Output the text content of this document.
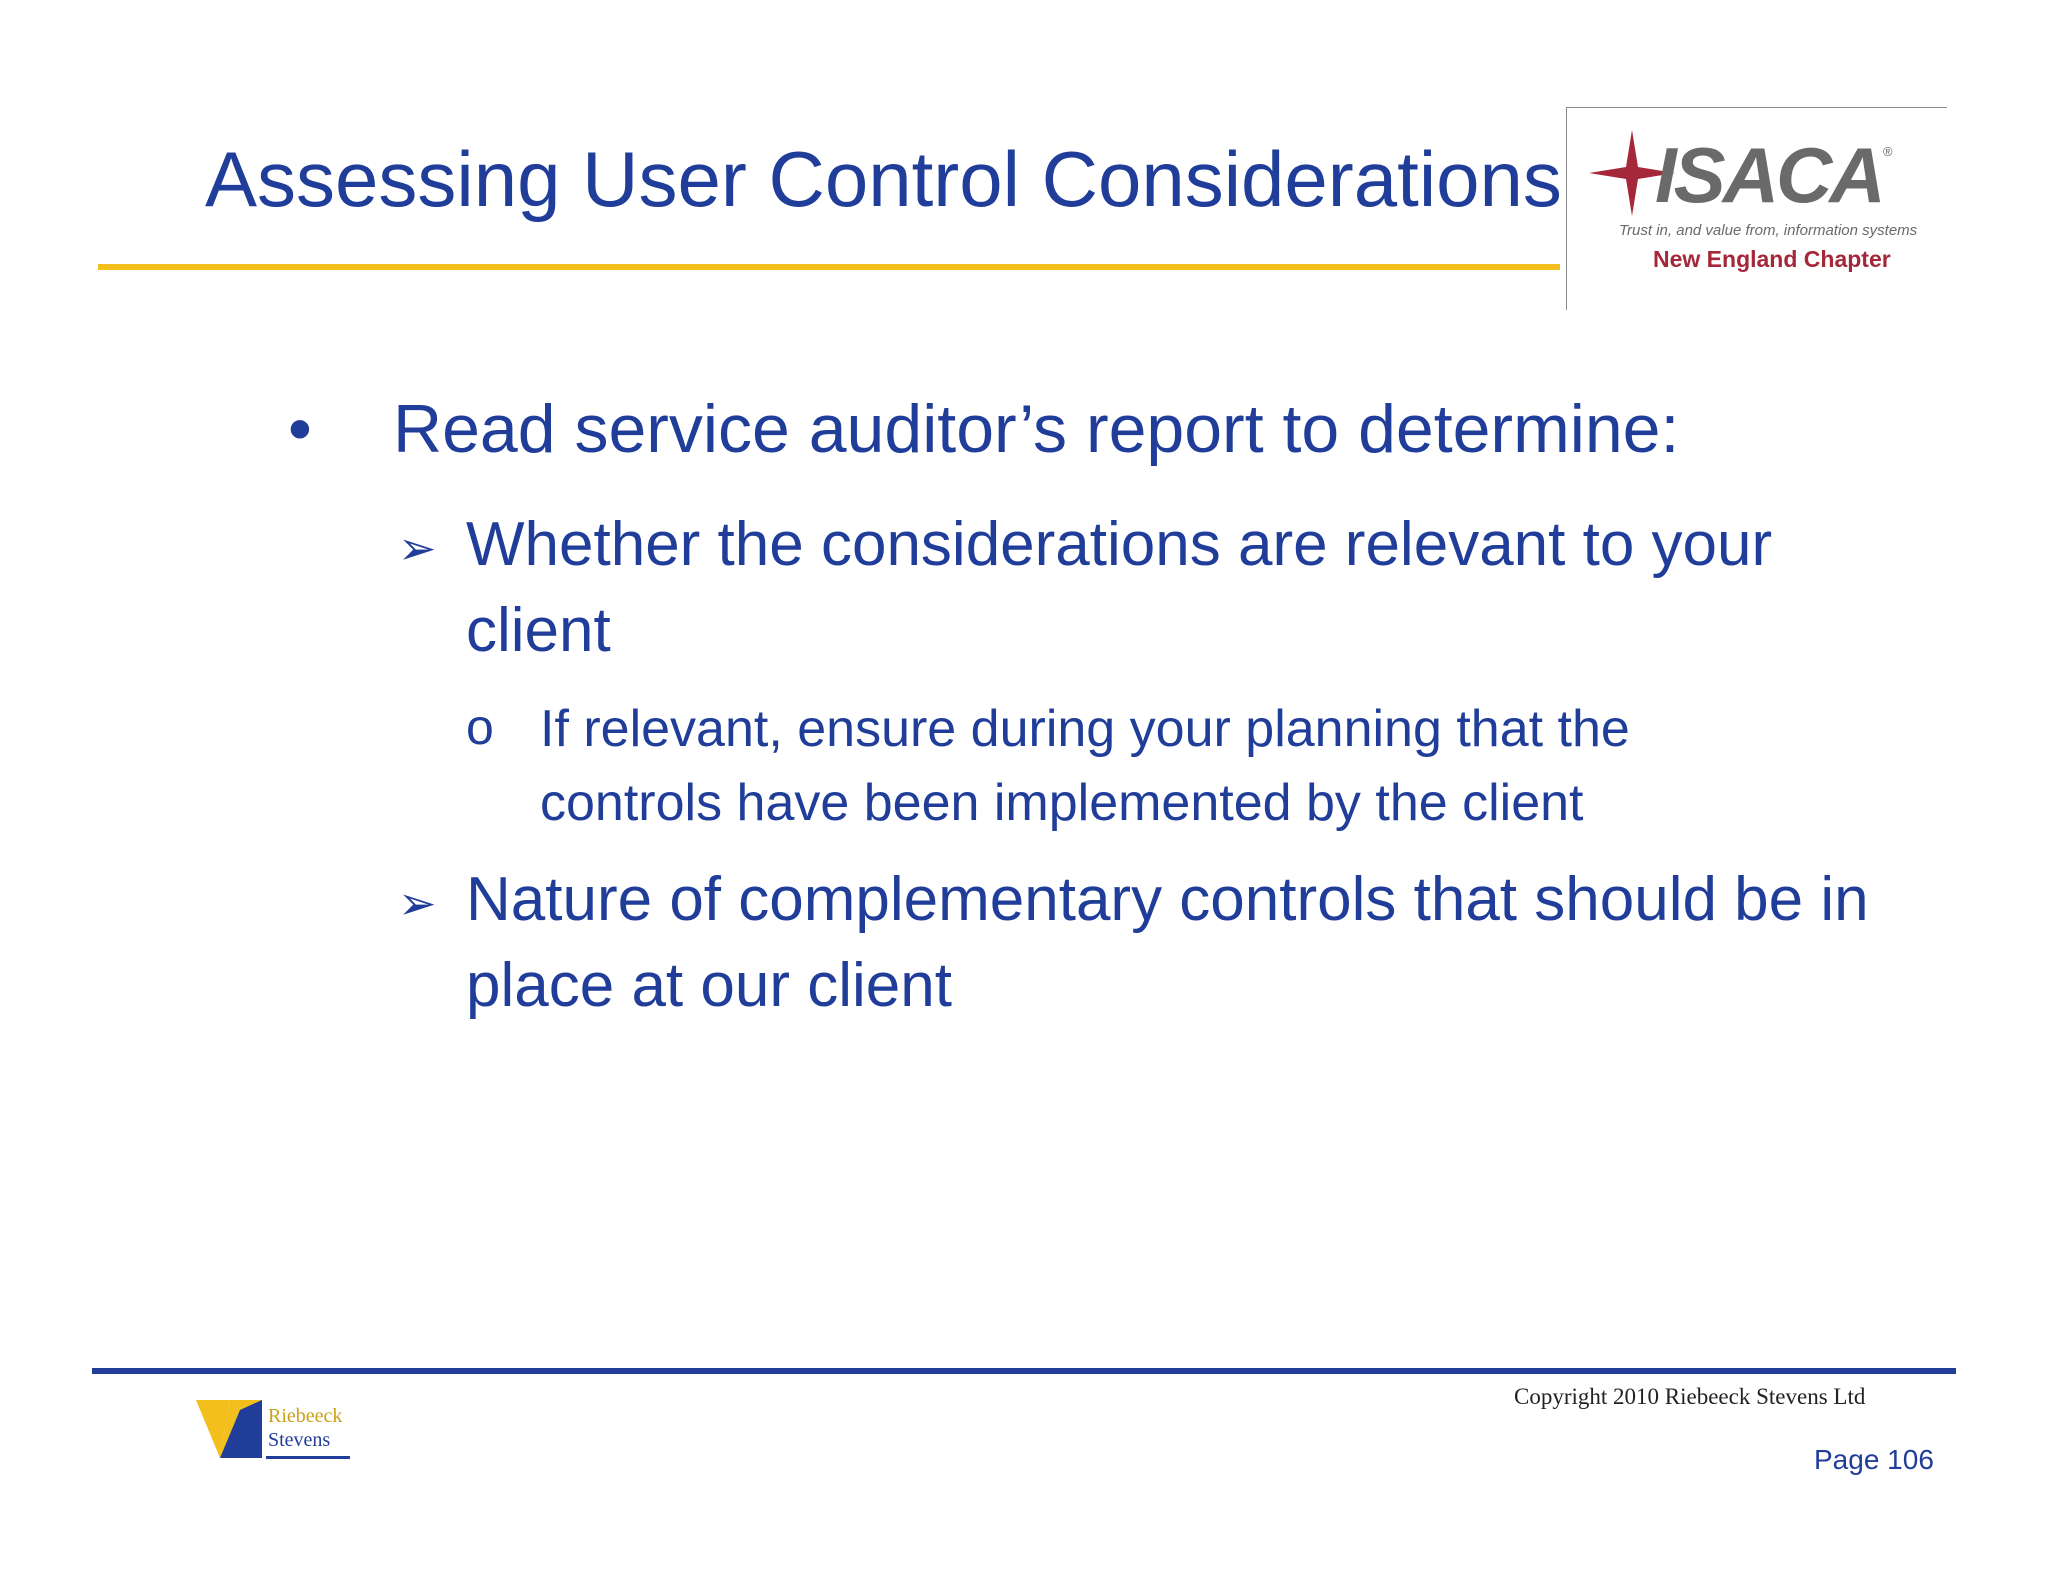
Assessing User Control Considerations ISACA ®
Trust in, and value from, information systems
New England Chapter
• Read service auditor’s report to determine:
➢ Whether the considerations are relevant to your client
o If relevant, ensure during your planning that the controls have been implemented by the client
➢ Nature of complementary controls that should be in place at our client
Riebeeck
Stevens
Copyright 2010 Riebeeck Stevens Ltd
Page 106
